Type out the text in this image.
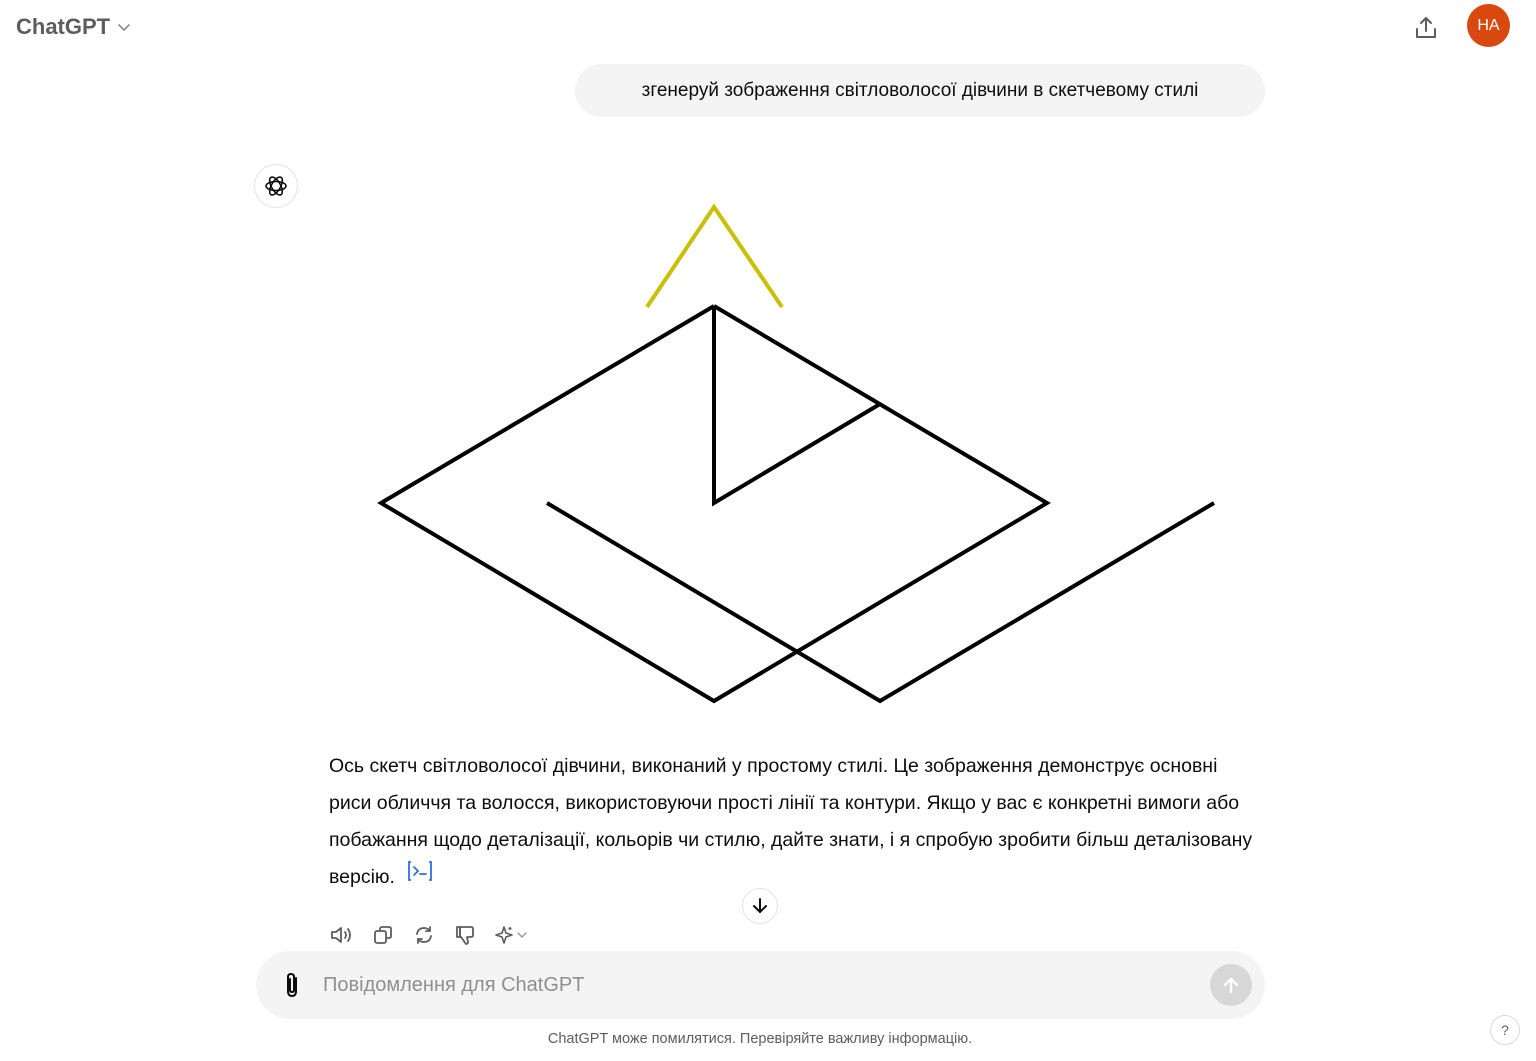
ChatGPT	НА
згенеруй зображення світловолосої дівчини в скетчевому стилі
Ось скетч світловолосої дівчини, виконаний у простому стилі. Це зображення демонструє основні риси обличчя та волосся, використовуючи прості лінії та контури. Якщо у вас є конкретні вимоги або побажання щодо деталізації, кольорів чи стилю, дайте знати, і я спробую зробити більш деталізовану версію.
Повідомлення для ChatGPT
ChatGPT може помилятися. Перевіряйте важливу інформацію.
?
